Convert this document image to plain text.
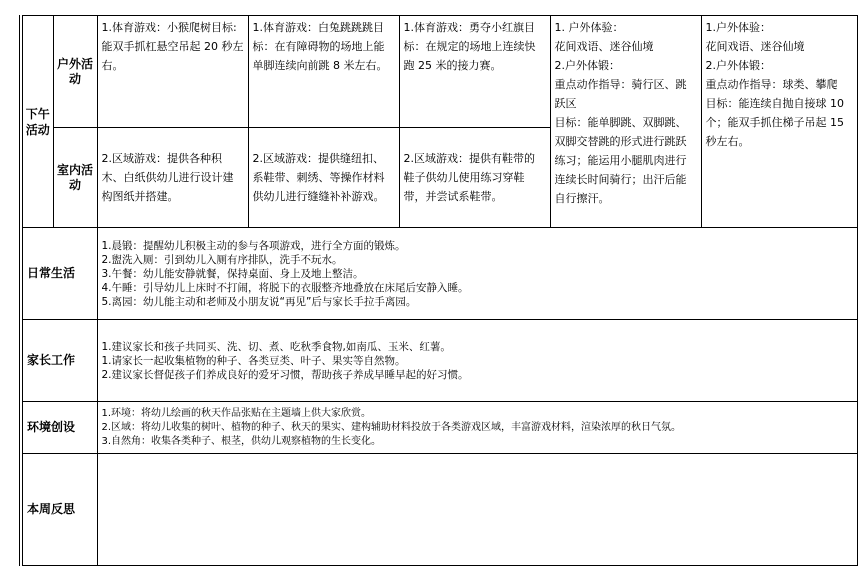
下午活动	户外活动	1.体育游戏：小猴爬树目标:能双手抓杠悬空吊起 20 秒左右。	1.体育游戏：白兔跳跳跳目标：在有障碍物的场地上能单脚连续向前跳 8 米左右。	1.体育游戏：勇夺小红旗目标：在规定的场地上连续快跑 25 米的接力赛。	1. 户外体验：
花间戏语、迷谷仙境
2.户外体锻：
重点动作指导：骑行区、跳跃区
目标：能单脚跳、双脚跳、双脚交替跳的形式进行跳跃练习；能运用小腿肌肉进行连续长时间骑行；出汗后能自行擦汗。	1.户外体验：
花间戏语、迷谷仙境
2.户外体锻：
重点动作指导：球类、攀爬
目标：能连续自抛自接球 10 个；能双手抓住梯子吊起 15 秒左右。

	室内活动	2.区域游戏：提供各种积木、白纸供幼儿进行设计建构图纸并搭建。	2.区域游戏：提供缝纽扣、系鞋带、刺绣、等操作材料供幼儿进行缝缝补补游戏。	2.区域游戏：提供有鞋带的鞋子供幼儿使用练习穿鞋带，并尝试系鞋带。		
日常生活		1.晨锻：提醒幼儿积极主动的参与各项游戏，进行全方面的锻炼。
2.盥洗入厕：引到幼儿入厕有序排队，洗手不玩水。
3.午餐：幼儿能安静就餐，保持桌面、身上及地上整洁。
4.午睡：引导幼儿上床时不打闹，将脱下的衣服整齐地叠放在床尾后安静入睡。
5.离园：幼儿能主动和老师及小朋友说“再见”后与家长手拉手离园。				

家长工作		1.建议家长和孩子共同买、洗、切、煮、吃秋季食物,如南瓜、玉米、红薯。
1.请家长一起收集植物的种子、各类豆类、叶子、果实等自然物。
2.建议家长督促孩子们养成良好的爱牙习惯，帮助孩子养成早睡早起的好习惯。				

环境创设		1.环境：将幼儿绘画的秋天作品张贴在主题墙上供大家欣赏。
2.区域：将幼儿收集的树叶、植物的种子、秋天的果实、建构辅助材料投放于各类游戏区域，丰富游戏材料，渲染浓厚的秋日气氛。
3.自然角：收集各类种子、根茎，供幼儿观察植物的生长变化。				

本周反思						
